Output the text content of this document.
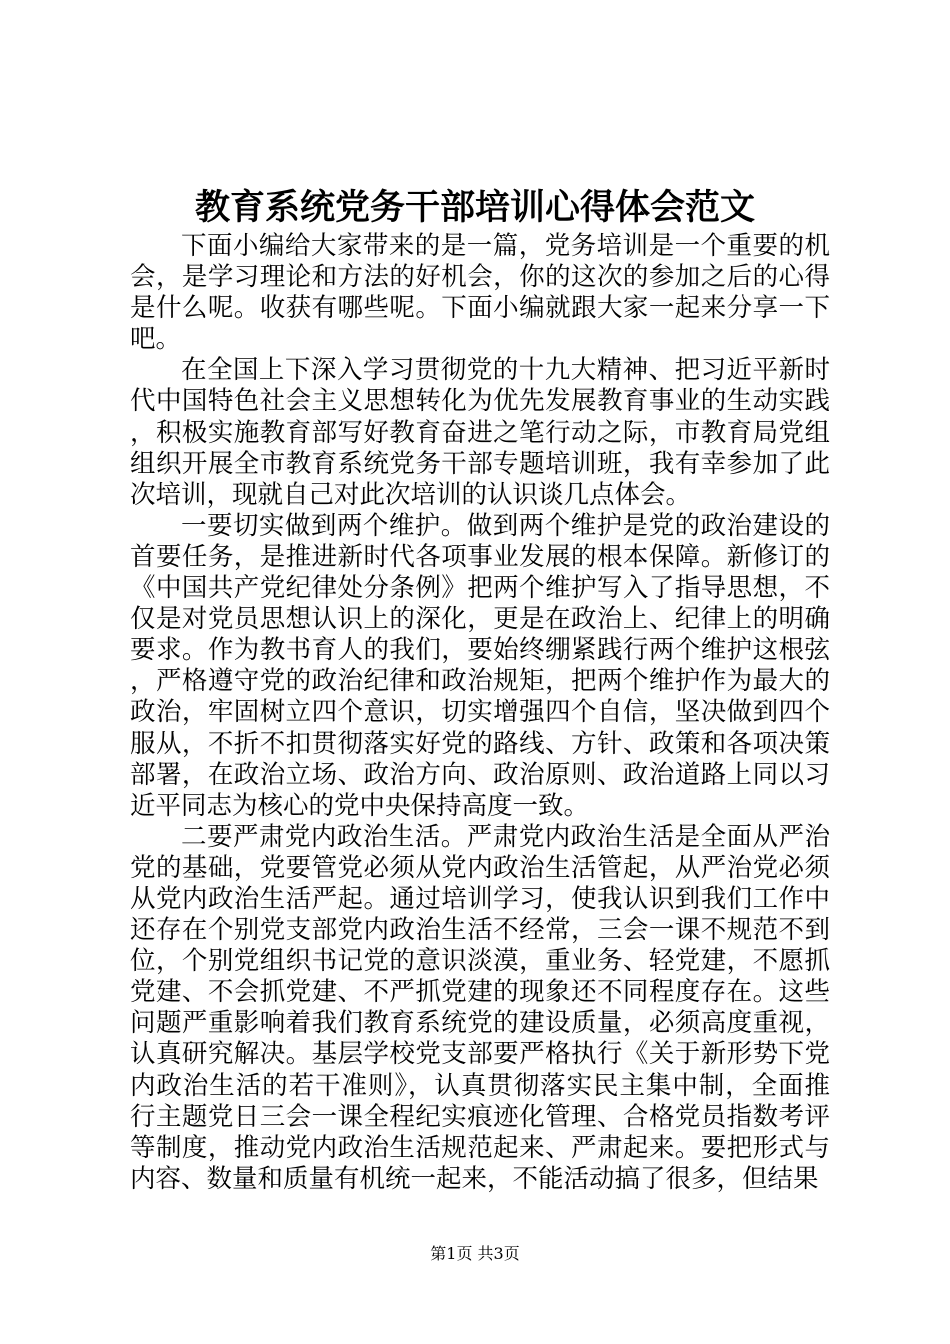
教育系统党务干部培训心得体会范文

下面小编给大家带来的是一篇，党务培训是一个重要的机会，是学习理论和方法的好机会，你的这次的参加之后的心得是什么呢。收获有哪些呢。下面小编就跟大家一起来分享一下吧。

在全国上下深入学习贯彻党的十九大精神、把习近平新时代中国特色社会主义思想转化为优先发展教育事业的生动实践，积极实施教育部写好教育奋进之笔行动之际，市教育局党组组织开展全市教育系统党务干部专题培训班，我有幸参加了此次培训，现就自己对此次培训的认识谈几点体会。

一要切实做到两个维护。做到两个维护是党的政治建设的首要任务，是推进新时代各项事业发展的根本保障。新修订的《中国共产党纪律处分条例》把两个维护写入了指导思想，不仅是对党员思想认识上的深化，更是在政治上、纪律上的明确要求。作为教书育人的我们，要始终绷紧践行两个维护这根弦，严格遵守党的政治纪律和政治规矩，把两个维护作为最大的政治，牢固树立四个意识，切实增强四个自信，坚决做到四个服从，不折不扣贯彻落实好党的路线、方针、政策和各项决策部署，在政治立场、政治方向、政治原则、政治道路上同以习近平同志为核心的党中央保持高度一致。

二要严肃党内政治生活。严肃党内政治生活是全面从严治党的基础，党要管党必须从党内政治生活管起，从严治党必须从党内政治生活严起。通过培训学习，使我认识到我们工作中还存在个别党支部党内政治生活不经常，三会一课不规范不到位，个别党组织书记党的意识淡漠，重业务、轻党建，不愿抓党建、不会抓党建、不严抓党建的现象还不同程度存在。这些问题严重影响着我们教育系统党的建设质量，必须高度重视，认真研究解决。基层学校党支部要严格执行《关于新形势下党内政治生活的若干准则》，认真贯彻落实民主集中制，全面推行主题党日三会一课全程纪实痕迹化管理、合格党员指数考评等制度，推动党内政治生活规范起来、严肃起来。要把形式与内容、数量和质量有机统一起来，不能活动搞了很多，但结果

第1页 共3页
